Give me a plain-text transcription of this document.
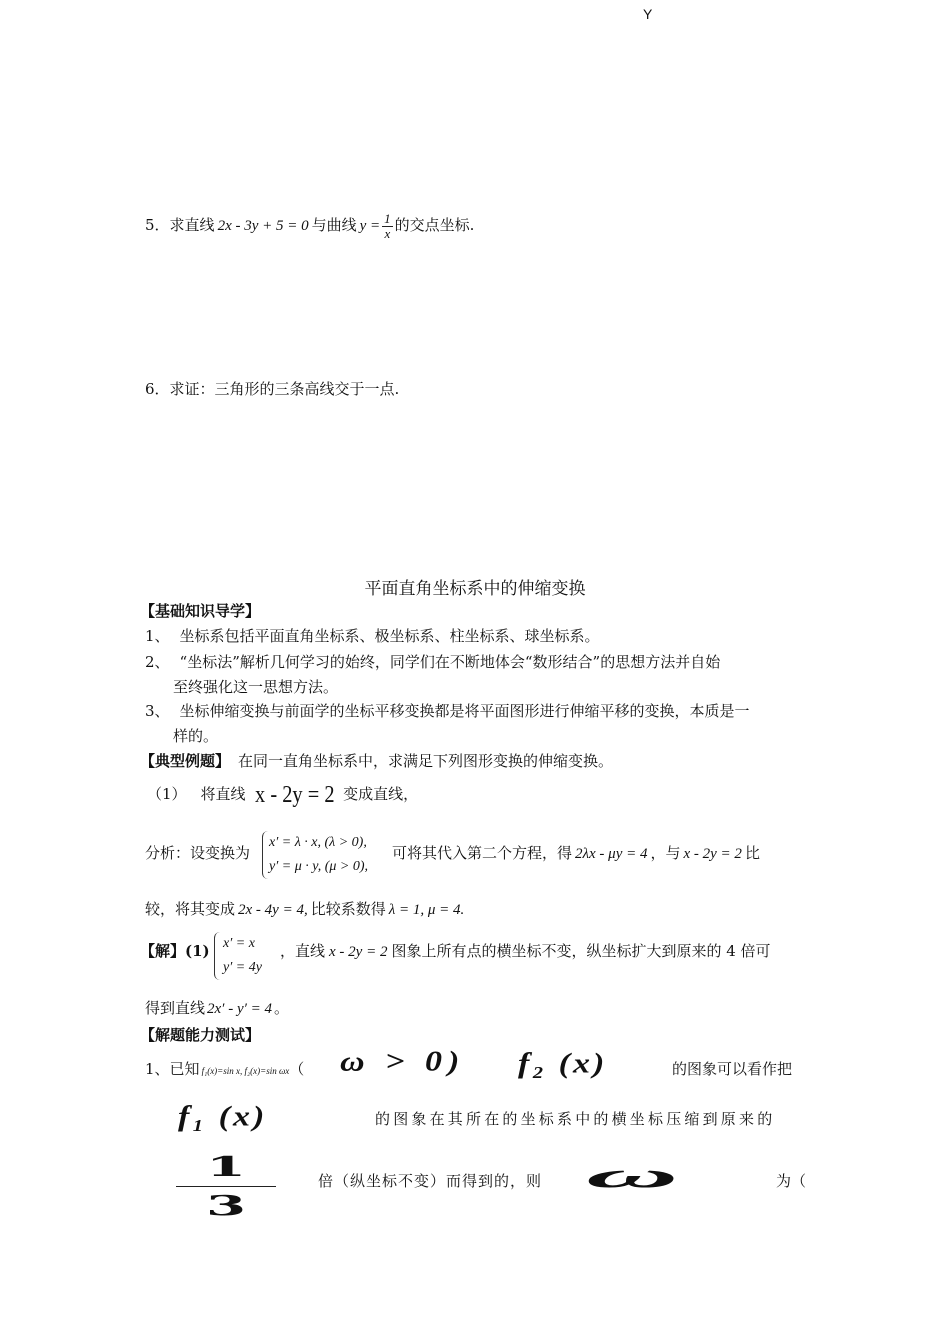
Y
5．求直线 2x - 3y + 5 = 0 与曲线 $y = \frac{1}{x}$ 的交点坐标.
6．求证：三角形的三条高线交于一点.
平面直角坐标系中的伸缩变换
【基础知识导学】
1、 坐标系包括平面直角坐标系、极坐标系、柱坐标系、球坐标系。
2、 “坐标法”解析几何学习的始终，同学们在不断地体会“数形结合”的思想方法并自始
至终强化这一思想方法。
3、 坐标伸缩变换与前面学的坐标平移变换都是将平面图形进行伸缩平移的变换，本质是一
样的。
【典型例题】 在同一直角坐标系中，求满足下列图形变换的伸缩变换。
（1） 将直线 x - 2y = 2 变成直线，
分析：设变换为
x′ = λ · x, (λ > 0),
y′ = μ · y, (μ > 0),
可将其代入第二个方程，得 2λx - μy = 4 ，与 x - 2y = 2 比
较，将其变成 2x - 4y = 4, 比较系数得 λ = 1, μ = 4.
【解】(1) x′ = x
y′ = 4y
，直线 x - 2y = 2 图象上所有点的横坐标不变，纵坐标扩大到原来的 4 倍可
得到直线 2x′ - y′ = 4 。
【解题能力测试】
1、已知 f₁(x)=sin x, f₂(x)=sin ωx（ ω > 0) f₂ (x)	的图象可以看作把
f₁ (x)	的图象在其所在的坐标系中的横坐标压缩到原来的
1
3
倍（纵坐标不变）而得到的，则 ω	为（
